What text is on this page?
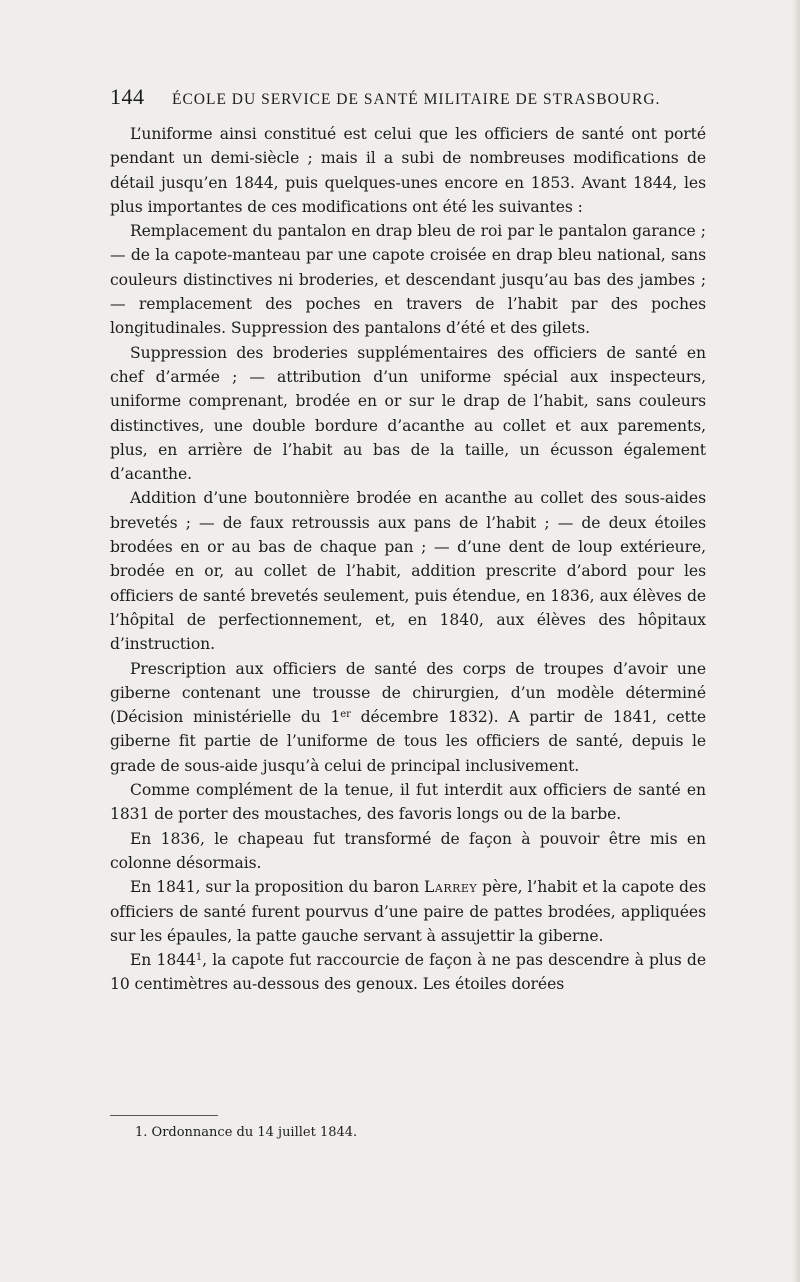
144	ÉCOLE DU SERVICE DE SANTÉ MILITAIRE DE STRASBOURG.

L’uniforme ainsi constitué est celui que les officiers de santé ont porté pendant un demi-siècle ; mais il a subi de nombreuses modifications de détail jusqu’en 1844, puis quelques-unes encore en 1853. Avant 1844, les plus importantes de ces modifications ont été les suivantes :

Remplacement du pantalon en drap bleu de roi par le pantalon garance ; — de la capote-manteau par une capote croisée en drap bleu national, sans couleurs distinctives ni broderies, et descendant jusqu’au bas des jambes ; — remplacement des poches en travers de l’habit par des poches longitudinales. Suppression des pantalons d’été et des gilets.

Suppression des broderies supplémentaires des officiers de santé en chef d’armée ; — attribution d’un uniforme spécial aux inspecteurs, uniforme comprenant, brodée en or sur le drap de l’habit, sans couleurs distinctives, une double bordure d’acanthe au collet et aux parements, plus, en arrière de l’habit au bas de la taille, un écusson également d’acanthe.

Addition d’une boutonnière brodée en acanthe au collet des sous-aides brevetés ; — de faux retroussis aux pans de l’habit ; — de deux étoiles brodées en or au bas de chaque pan ; — d’une dent de loup extérieure, brodée en or, au collet de l’habit, addition prescrite d’abord pour les officiers de santé brevetés seulement, puis étendue, en 1836, aux élèves de l’hôpital de perfectionnement, et, en 1840, aux élèves des hôpitaux d’instruction.

Prescription aux officiers de santé des corps de troupes d’avoir une giberne contenant une trousse de chirurgien, d’un modèle déterminé (Décision ministérielle du 1er décembre 1832). A partir de 1841, cette giberne fit partie de l’uniforme de tous les officiers de santé, depuis le grade de sous-aide jusqu’à celui de principal inclusivement.

Comme complément de la tenue, il fut interdit aux officiers de santé en 1831 de porter des moustaches, des favoris longs ou de la barbe.

En 1836, le chapeau fut transformé de façon à pouvoir être mis en colonne désormais.

En 1841, sur la proposition du baron Larrey père, l’habit et la capote des officiers de santé furent pourvus d’une paire de pattes brodées, appliquées sur les épaules, la patte gauche servant à assujettir la giberne.

En 1844$^1$, la capote fut raccourcie de façon à ne pas descendre à plus de 10 centimètres au-dessous des genoux. Les étoiles dorées

1. Ordonnance du 14 juillet 1844.
